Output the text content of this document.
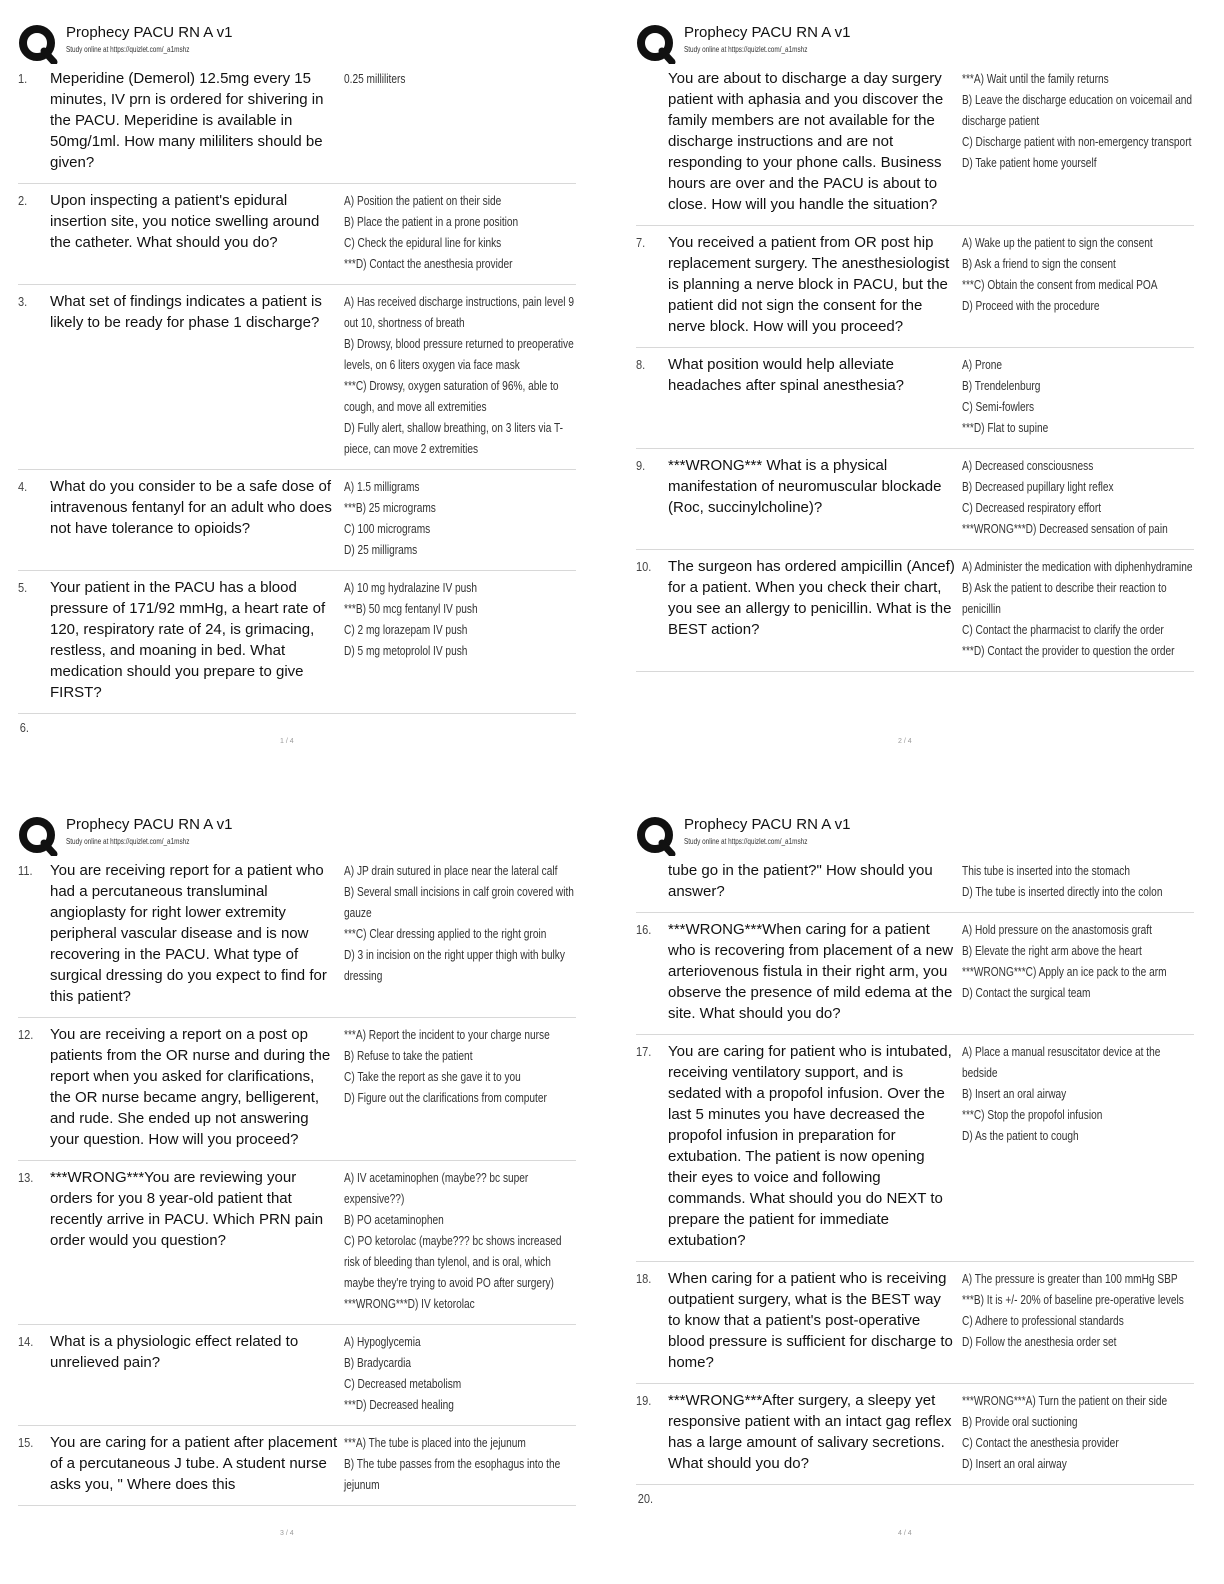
Prophecy PACU RN A v1
Study online at https://quizlet.com/_a1mshz
1.	Meperidine (Demerol) 12.5mg every 15 minutes, IV prn is ordered for shivering in the PACU. Meperidine is available in 50mg/1ml. How many mililiters should be given?
0.25 milliliters
2.	Upon inspecting a patient's epidural insertion site, you notice swelling around the catheter. What should you do?
A) Position the patient on their side
B) Place the patient in a prone position
C) Check the epidural line for kinks
***D) Contact the anesthesia provider
3.	What set of findings indicates a patient is likely to be ready for phase 1 discharge?
A) Has received discharge instructions, pain level 9 out 10, shortness of breath
B) Drowsy, blood pressure returned to preoperative levels, on 6 liters oxygen via face mask
***C) Drowsy, oxygen saturation of 96%, able to cough, and move all extremities
D) Fully alert, shallow breathing, on 3 liters via T-piece, can move 2 extremities
4.	What do you consider to be a safe dose of intravenous fentanyl for an adult who does not have tolerance to opioids?
A) 1.5 milligrams
***B) 25 micrograms
C) 100 micrograms
D) 25 milligrams
5.	Your patient in the PACU has a blood pressure of 171/92 mmHg, a heart rate of 120, respiratory rate of 24, is grimacing, restless, and moaning in bed. What medication should you prepare to give FIRST?
A) 10 mg hydralazine IV push
***B) 50 mcg fentanyl IV push
C) 2 mg lorazepam IV push
D) 5 mg metoprolol IV push
6.
1 / 4
Prophecy PACU RN A v1
Study online at https://quizlet.com/_a1mshz
You are about to discharge a day surgery patient with aphasia and you discover the family members are not available for the discharge instructions and are not responding to your phone calls. Business hours are over and the PACU is about to close. How will you handle the situation?
***A) Wait until the family returns
B) Leave the discharge education on voicemail and discharge patient
C) Discharge patient with non-emergency transport
D) Take patient home yourself
7.	You received a patient from OR post hip replacement surgery. The anesthesiologist is planning a nerve block in PACU, but the patient did not sign the consent for the nerve block. How will you proceed?
A) Wake up the patient to sign the consent
B) Ask a friend to sign the consent
***C) Obtain the consent from medical POA
D) Proceed with the procedure
8.	What position would help alleviate headaches after spinal anesthesia?
A) Prone
B) Trendelenburg
C) Semi-fowlers
***D) Flat to supine
9.	***WRONG*** What is a physical manifestation of neuromuscular blockade (Roc, succinylcholine)?
A) Decreased consciousness
B) Decreased pupillary light reflex
C) Decreased respiratory effort
***WRONG***D) Decreased sensation of pain
10.	The surgeon has ordered ampicillin (Ancef) for a patient. When you check their chart, you see an allergy to penicillin. What is the BEST action?
A) Administer the medication with diphenhydramine
B) Ask the patient to describe their reaction to penicillin
C) Contact the pharmacist to clarify the order
***D) Contact the provider to question the order
2 / 4
Prophecy PACU RN A v1
Study online at https://quizlet.com/_a1mshz
11.	You are receiving report for a patient who had a percutaneous transluminal angioplasty for right lower extremity peripheral vascular disease and is now recovering in the PACU. What type of surgical dressing do you expect to find for this patient?
A) JP drain sutured in place near the lateral calf
B) Several small incisions in calf groin covered with gauze
***C) Clear dressing applied to the right groin
D) 3 in incision on the right upper thigh with bulky dressing
12.	You are receiving a report on a post op patients from the OR nurse and during the report when you asked for clarifications, the OR nurse became angry, belligerent, and rude. She ended up not answering your question. How will you proceed?
***A) Report the incident to your charge nurse
B) Refuse to take the patient
C) Take the report as she gave it to you
D) Figure out the clarifications from computer
13.	***WRONG***You are reviewing your orders for you 8 year-old patient that recently arrive in PACU. Which PRN pain order would you question?
A) IV acetaminophen (maybe?? bc super expensive??)
B) PO acetaminophen
C) PO ketorolac (maybe??? bc shows increased risk of bleeding than tylenol, and is oral, which maybe they're trying to avoid PO after surgery)
***WRONG***D) IV ketorolac
14.	What is a physiologic effect related to unrelieved pain?
A) Hypoglycemia
B) Bradycardia
C) Decreased metabolism
***D) Decreased healing
15.	You are caring for a patient after placement of a percutaneous J tube. A student nurse asks you, " Where does this
***A) The tube is placed into the jejunum
B) The tube passes from the esophagus into the jejunum
3 / 4
Prophecy PACU RN A v1
Study online at https://quizlet.com/_a1mshz
tube go in the patient?" How should you answer?
This tube is inserted into the stomach
D) The tube is inserted directly into the colon
16.	***WRONG***When caring for a patient who is recovering from placement of a new arteriovenous fistula in their right arm, you observe the presence of mild edema at the site. What should you do?
A) Hold pressure on the anastomosis graft
B) Elevate the right arm above the heart
***WRONG***C) Apply an ice pack to the arm
D) Contact the surgical team
17.	You are caring for patient who is intubated, receiving ventilatory support, and is sedated with a propofol infusion. Over the last 5 minutes you have decreased the propofol infusion in preparation for extubation. The patient is now opening their eyes to voice and following commands. What should you do NEXT to prepare the patient for immediate extubation?
A) Place a manual resuscitator device at the bedside
B) Insert an oral airway
***C) Stop the propofol infusion
D) As the patient to cough
18.	When caring for a patient who is receiving outpatient surgery, what is the BEST way to know that a patient's post-operative blood pressure is sufficient for discharge to home?
A) The pressure is greater than 100 mmHg SBP
***B) It is +/- 20% of baseline pre-operative levels
C) Adhere to professional standards
D) Follow the anesthesia order set
19.	***WRONG***After surgery, a sleepy yet responsive patient with an intact gag reflex has a large amount of salivary secretions. What should you do?
***WRONG***A) Turn the patient on their side
B) Provide oral suctioning
C) Contact the anesthesia provider
D) Insert an oral airway
20.
4 / 4
